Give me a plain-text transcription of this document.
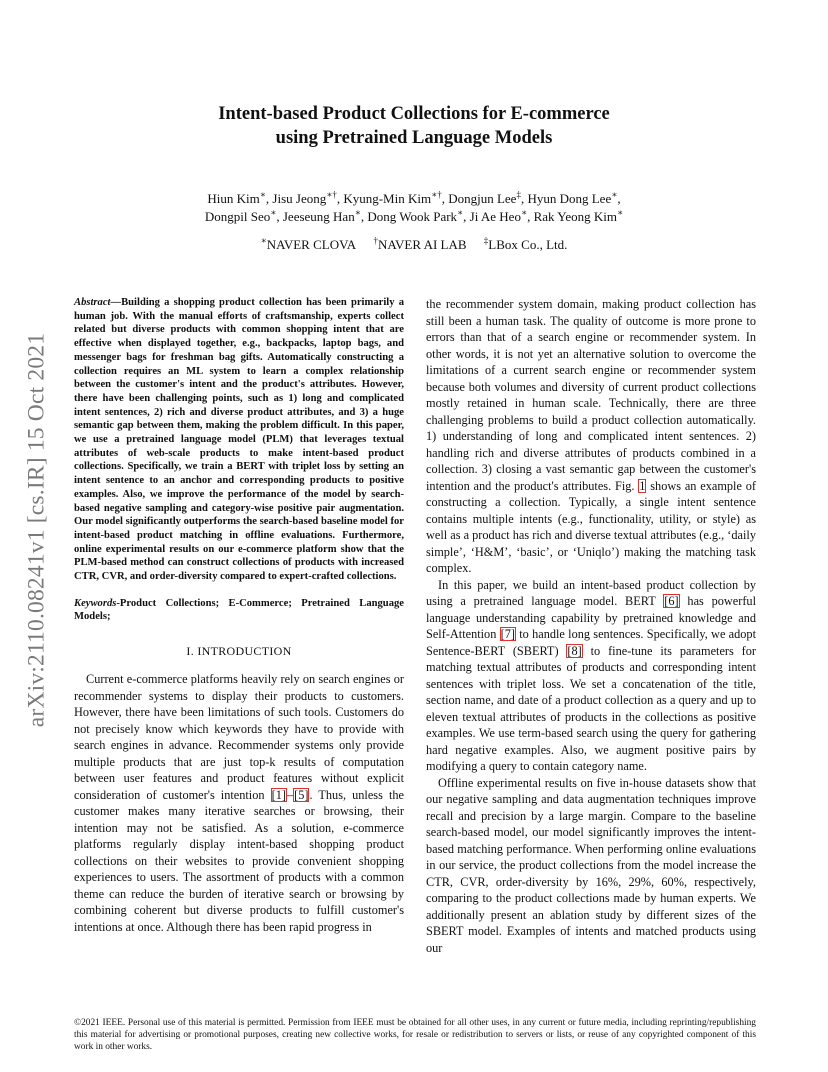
arXiv:2110.08241v1 [cs.IR] 15 Oct 2021
Intent-based Product Collections for E-commerce
using Pretrained Language Models
Hiun Kim∗, Jisu Jeong∗†, Kyung-Min Kim∗†, Dongjun Lee‡, Hyun Dong Lee∗,
Dongpil Seo∗, Jeeseung Han∗, Dong Wook Park∗, Ji Ae Heo∗, Rak Yeong Kim∗
∗NAVER CLOVA †NAVER AI LAB ‡LBox Co., Ltd.

Abstract—Building a shopping product collection has been primarily a human job. With the manual efforts of craftsmanship, experts collect related but diverse products with common shopping intent that are effective when displayed together, e.g., backpacks, laptop bags, and messenger bags for freshman bag gifts. Automatically constructing a collection requires an ML system to learn a complex relationship between the customer's intent and the product's attributes. However, there have been challenging points, such as 1) long and complicated intent sentences, 2) rich and diverse product attributes, and 3) a huge semantic gap between them, making the problem difficult. In this paper, we use a pretrained language model (PLM) that leverages textual attributes of web-scale products to make intent-based product collections. Specifically, we train a BERT with triplet loss by setting an intent sentence to an anchor and corresponding products to positive examples. Also, we improve the performance of the model by search-based negative sampling and category-wise positive pair augmentation. Our model significantly outperforms the search-based baseline model for intent-based product matching in offline evaluations. Furthermore, online experimental results on our e-commerce platform show that the PLM-based method can construct collections of products with increased CTR, CVR, and order-diversity compared to expert-crafted collections.

Keywords-Product Collections; E-Commerce; Pretrained Language Models;

I. INTRODUCTION

Current e-commerce platforms heavily rely on search engines or recommender systems to display their products to customers. However, there have been limitations of such tools. Customers do not precisely know which keywords they have to provide with search engines in advance. Recommender systems only provide multiple products that are just top-k results of computation between user features and product features without explicit consideration of customer's intention [1]–[5]. Thus, unless the customer makes many iterative searches or browsing, their intention may not be satisfied. As a solution, e-commerce platforms regularly display intent-based shopping product collections on their websites to provide convenient shopping experiences to users. The assortment of products with a common theme can reduce the burden of iterative search or browsing by combining coherent but diverse products to fulfill customer's intentions at once. Although there has been rapid progress in

the recommender system domain, making product collection has still been a human task. The quality of outcome is more prone to errors than that of a search engine or recommender system. In other words, it is not yet an alternative solution to overcome the limitations of a current search engine or recommender system because both volumes and diversity of current product collections mostly retained in human scale. Technically, there are three challenging problems to build a product collection automatically. 1) understanding of long and complicated intent sentences. 2) handling rich and diverse attributes of products combined in a collection. 3) closing a vast semantic gap between the customer's intention and the product's attributes. Fig. 1 shows an example of constructing a collection. Typically, a single intent sentence contains multiple intents (e.g., functionality, utility, or style) as well as a product has rich and diverse textual attributes (e.g., ‘daily simple’, ‘H&M’, ‘basic’, or ‘Uniqlo’) making the matching task complex.

In this paper, we build an intent-based product collection by using a pretrained language model. BERT [6] has powerful language understanding capability by pretrained knowledge and Self-Attention [7] to handle long sentences. Specifically, we adopt Sentence-BERT (SBERT) [8] to fine-tune its parameters for matching textual attributes of products and corresponding intent sentences with triplet loss. We set a concatenation of the title, section name, and date of a product collection as a query and up to eleven textual attributes of products in the collections as positive examples. We use term-based search using the query for gathering hard negative examples. Also, we augment positive pairs by modifying a query to contain category name.

Offline experimental results on five in-house datasets show that our negative sampling and data augmentation techniques improve recall and precision by a large margin. Compare to the baseline search-based model, our model significantly improves the intent-based matching performance. When performing online evaluations in our service, the product collections from the model increase the CTR, CVR, order-diversity by 16%, 29%, 60%, respectively, comparing to the product collections made by human experts. We additionally present an ablation study by different sizes of the SBERT model. Examples of intents and matched products using our

©2021 IEEE. Personal use of this material is permitted. Permission from IEEE must be obtained for all other uses, in any current or future media, including reprinting/republishing this material for advertising or promotional purposes, creating new collective works, for resale or redistribution to servers or lists, or reuse of any copyrighted component of this work in other works.
